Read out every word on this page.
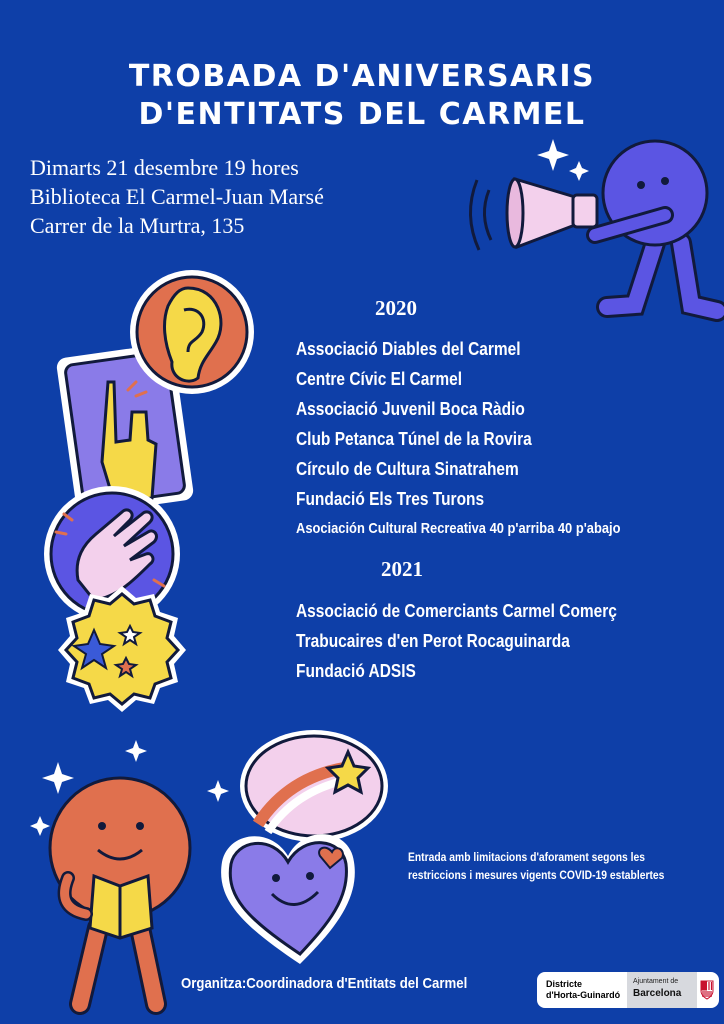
TROBADA D'ANIVERSARIS
D'ENTITATS DEL CARMEL
Dimarts 21 desembre 19 hores
Biblioteca El Carmel-Juan Marsé
Carrer de la Murtra, 135
2020
Associació Diables del Carmel
Centre Cívic El Carmel
Associació Juvenil Boca Ràdio
Club Petanca Túnel de la Rovira
Círculo de Cultura Sinatrahem
Fundació Els Tres Turons
Asociación Cultural Recreativa 40 p'arriba 40 p'abajo
2021
Associació de Comerciants Carmel Comerç
Trabucaires d'en Perot Rocaguinarda
Fundació ADSIS
Entrada amb limitacions d'aforament segons les
restriccions i mesures vigents COVID-19 establertes
Organitza:Coordinadora d'Entitats del Carmel	Districte
d'Horta-Guinardó
Ajuntament de
Barcelona
